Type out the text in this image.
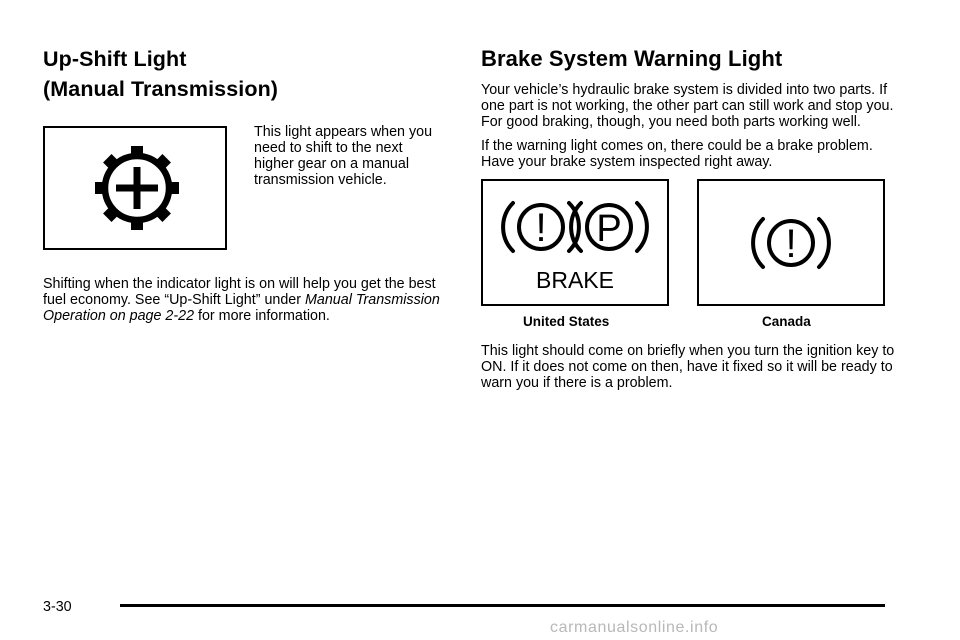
Up-Shift Light
(Manual Transmission)
This light appears when you need to shift to the next higher gear on a manual transmission vehicle.

Shifting when the indicator light is on will help you get the best fuel economy. See “Up-Shift Light” under Manual Transmission Operation on page 2-22 for more information.

Brake System Warning Light

Your vehicle’s hydraulic brake system is divided into two parts. If one part is not working, the other part can still work and stop you. For good braking, though, you need both parts working well.

If the warning light comes on, there could be a brake problem. Have your brake system inspected right away.

! P
BRAKE
!
United States	Canada

This light should come on briefly when you turn the ignition key to ON. If it does not come on then, have it fixed so it will be ready to warn you if there is a problem.

3-30
carmanualsonline.info
